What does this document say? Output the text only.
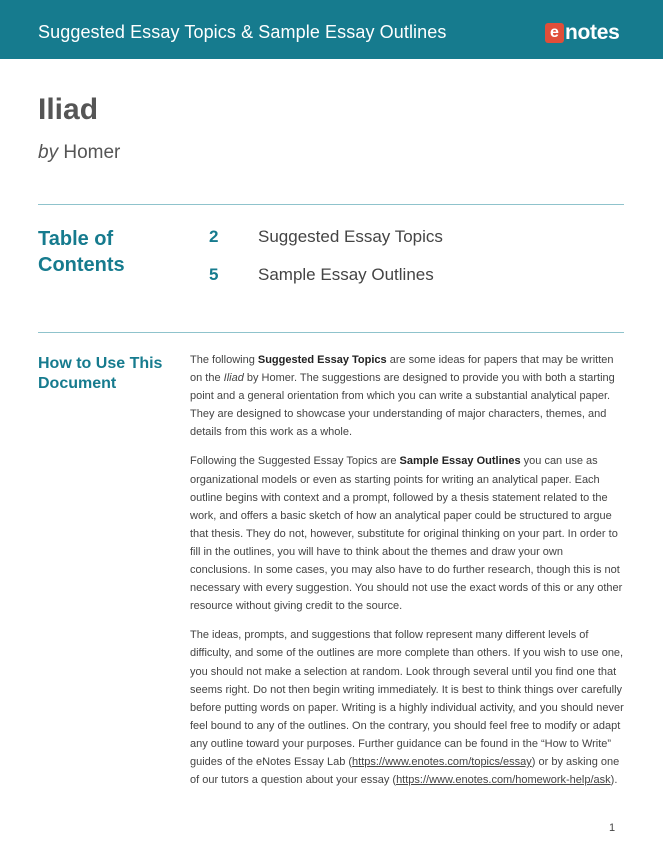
Suggested Essay Topics & Sample Essay Outlines	e notes
Iliad
by Homer
Table of Contents
2	Suggested Essay Topics
5	Sample Essay Outlines
How to Use This Document

The following Suggested Essay Topics are some ideas for papers that may be written on the Iliad by Homer. The suggestions are designed to provide you with both a starting point and a general orientation from which you can write a substantial analytical paper. They are designed to showcase your understanding of major characters, themes, and details from this work as a whole.

Following the Suggested Essay Topics are Sample Essay Outlines you can use as organizational models or even as starting points for writing an analytical paper. Each outline begins with context and a prompt, followed by a thesis statement related to the work, and offers a basic sketch of how an analytical paper could be structured to argue that thesis. They do not, however, substitute for original thinking on your part. In order to fill in the outlines, you will have to think about the themes and draw your own conclusions. In some cases, you may also have to do further research, though this is not necessary with every suggestion. You should not use the exact words of this or any other resource without giving credit to the source.

The ideas, prompts, and suggestions that follow represent many different levels of difficulty, and some of the outlines are more complete than others. If you wish to use one, you should not make a selection at random. Look through several until you find one that seems right. Do not then begin writing immediately. It is best to think things over carefully before putting words on paper. Writing is a highly individual activity, and you should never feel bound to any of the outlines. On the contrary, you should feel free to modify or adapt any outline toward your purposes. Further guidance can be found in the “How to Write” guides of the eNotes Essay Lab (https://www.enotes.com/topics/essay) or by asking one of our tutors a question about your essay (https://www.enotes.com/homework-help/ask).

1
